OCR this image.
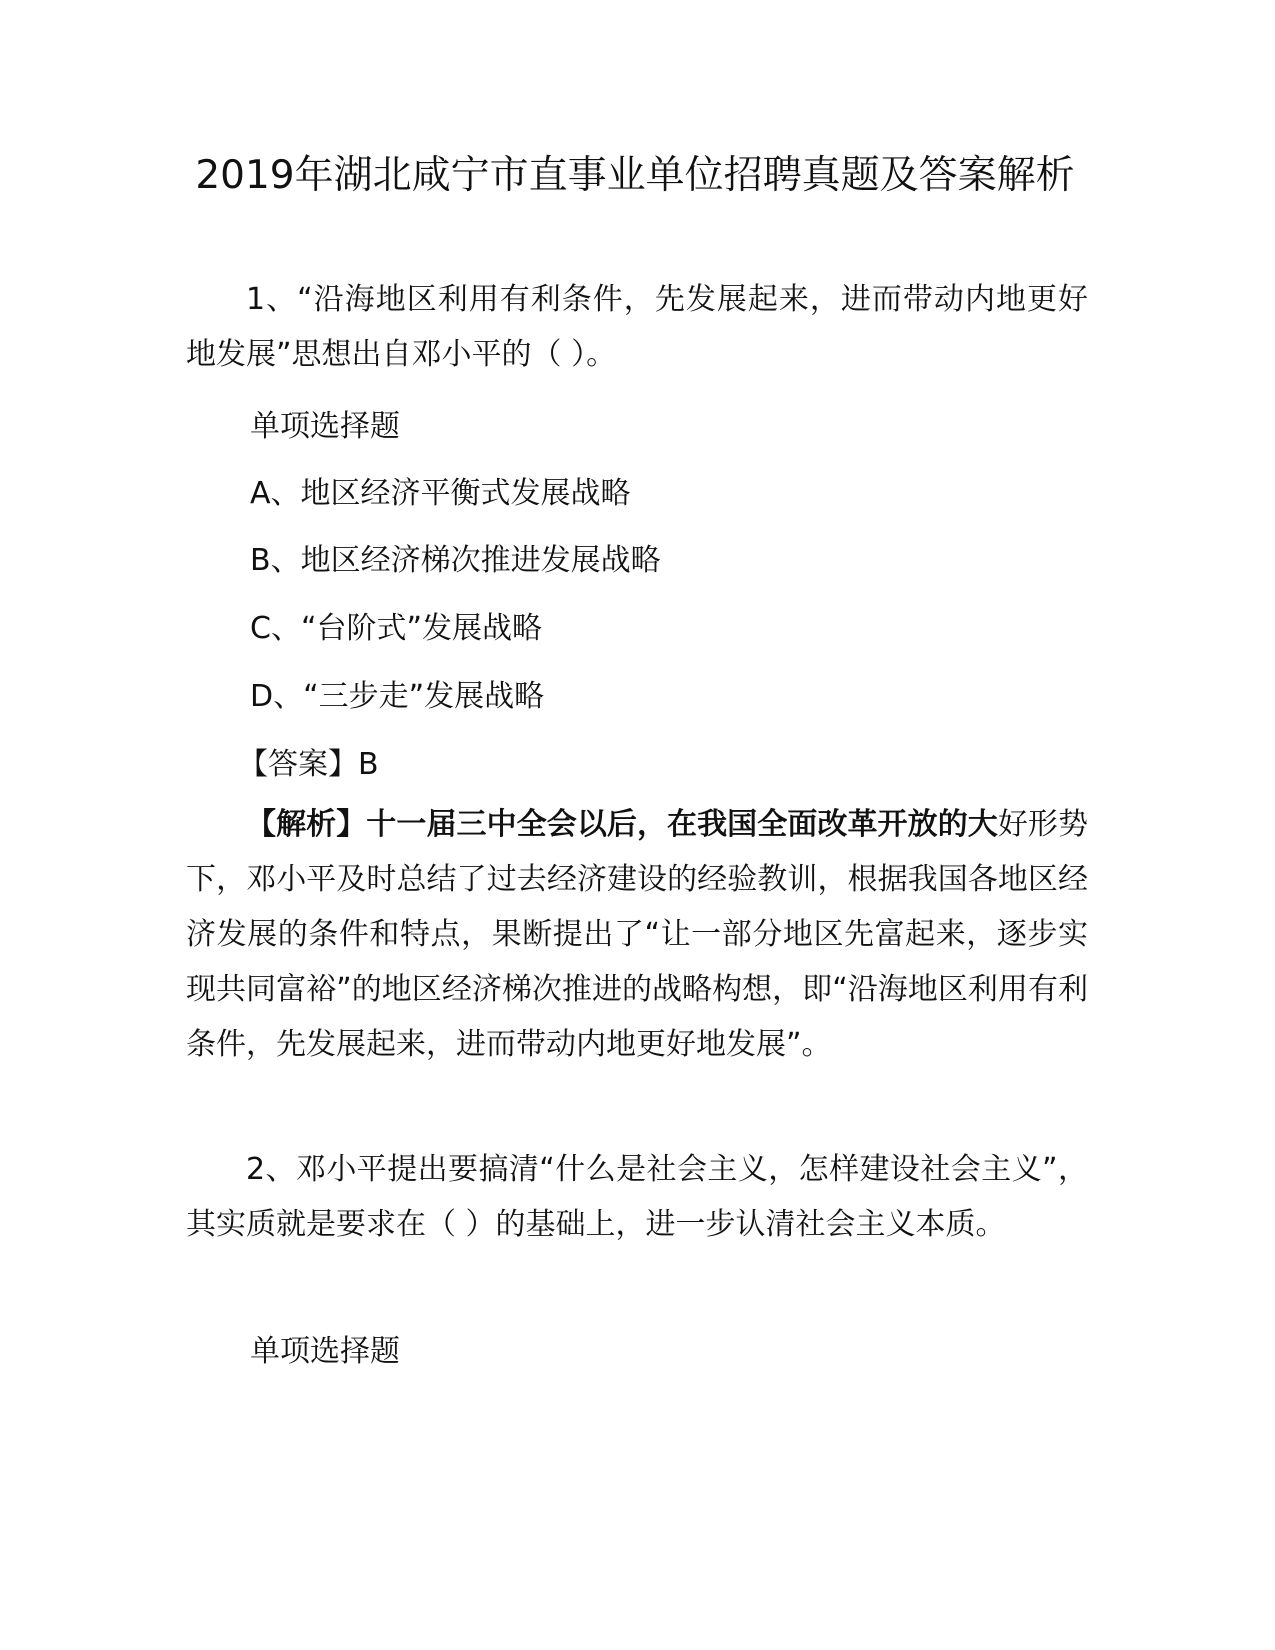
2019年湖北咸宁市直事业单位招聘真题及答案解析

1、“沿海地区利用有利条件，先发展起来，进而带动内地更好地发展”思想出自邓小平的（ ）。

单项选择题
A、地区经济平衡式发展战略
B、地区经济梯次推进发展战略
C、“台阶式”发展战略
D、“三步走”发展战略
【答案】B
【解析】十一届三中全会以后，在我国全面改革开放的大好形势下，邓小平及时总结了过去经济建设的经验教训，根据我国各地区经济发展的条件和特点，果断提出了“让一部分地区先富起来，逐步实现共同富裕”的地区经济梯次推进的战略构想，即“沿海地区利用有利条件，先发展起来，进而带动内地更好地发展”。

2、邓小平提出要搞清“什么是社会主义，怎样建设社会主义”，其实质就是要求在（ ）的基础上，进一步认清社会主义本质。

单项选择题
